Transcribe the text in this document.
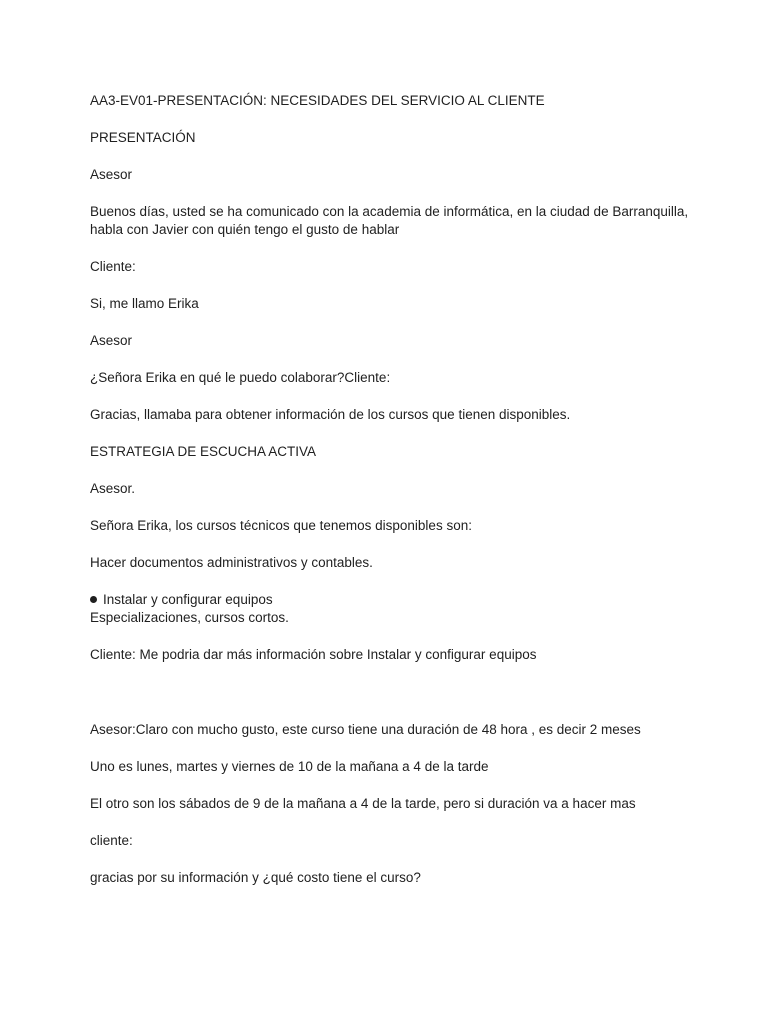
AA3-EV01-PRESENTACIÓN: NECESIDADES DEL SERVICIO AL CLIENTE

PRESENTACIÓN

Asesor

Buenos días, usted se ha comunicado con la academia de informática, en la ciudad de Barranquilla, habla con Javier con quién tengo el gusto de hablar

Cliente:

Si, me llamo Erika

Asesor

¿Señora Erika en qué le puedo colaborar?Cliente:

Gracias, llamaba para obtener información de los cursos que tienen disponibles.

ESTRATEGIA DE ESCUCHA ACTIVA

Asesor.

Señora Erika, los cursos técnicos que tenemos disponibles son:

Hacer documentos administrativos y contables.

Instalar y configurar equipos
Especializaciones, cursos cortos.

Cliente: Me podria dar más información sobre Instalar y configurar equipos

Asesor:Claro con mucho gusto, este curso tiene una duración de 48 hora , es decir 2 meses

Uno es lunes, martes y viernes de 10 de la mañana a 4 de la tarde

El otro son los sábados de 9 de la mañana a 4 de la tarde, pero si duración va a hacer mas

cliente:

gracias por su información y ¿qué costo tiene el curso?
